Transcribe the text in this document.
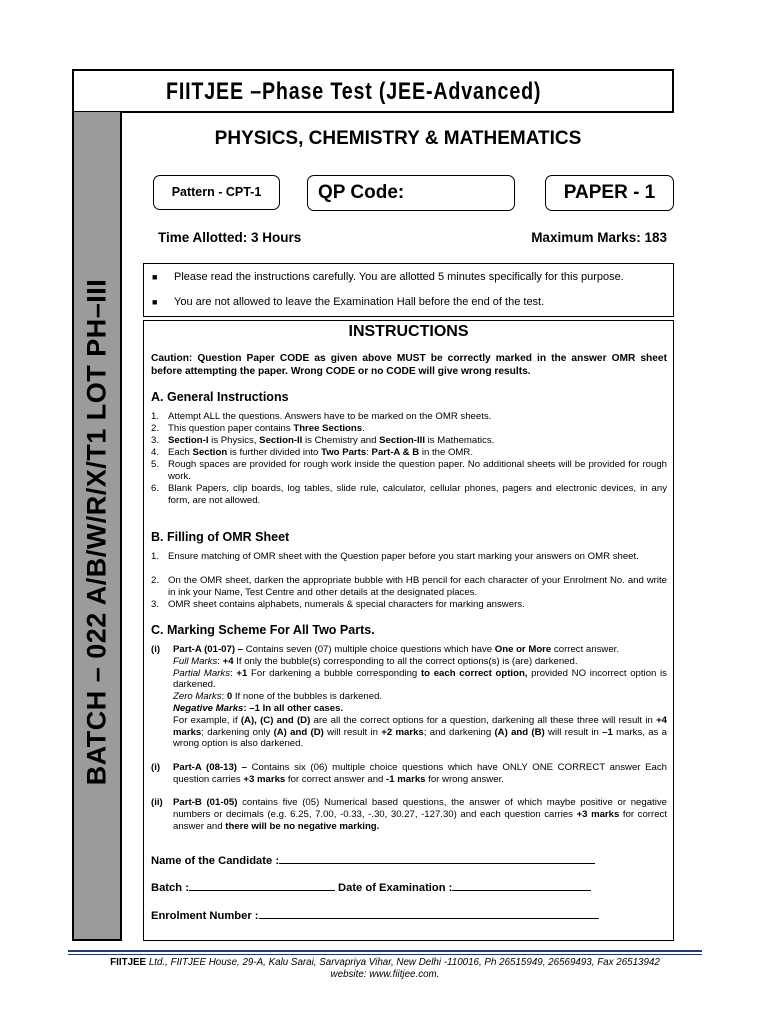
FIITJEE –Phase Test (JEE-Advanced)
BATCH – 022 A/B/W/R/X/T1 LOT PH–III
PHYSICS, CHEMISTRY & MATHEMATICS
Pattern - CPT-1	QP Code:	PAPER - 1
Time Allotted: 3 Hours	Maximum Marks: 183
■ Please read the instructions carefully. You are allotted 5 minutes specifically for this purpose.
■ You are not allowed to leave the Examination Hall before the end of the test.
INSTRUCTIONS
Caution: Question Paper CODE as given above MUST be correctly marked in the answer OMR sheet before attempting the paper. Wrong CODE or no CODE will give wrong results.
A. General Instructions
1. Attempt ALL the questions. Answers have to be marked on the OMR sheets.
2. This question paper contains Three Sections.
3. Section-I is Physics, Section-II is Chemistry and Section-III is Mathematics.
4. Each Section is further divided into Two Parts: Part-A & B in the OMR.
5. Rough spaces are provided for rough work inside the question paper. No additional sheets will be provided for rough work.
6. Blank Papers, clip boards, log tables, slide rule, calculator, cellular phones, pagers and electronic devices, in any form, are not allowed.
B. Filling of OMR Sheet
1. Ensure matching of OMR sheet with the Question paper before you start marking your answers on OMR sheet.
2. On the OMR sheet, darken the appropriate bubble with HB pencil for each character of your Enrolment No. and write in ink your Name, Test Centre and other details at the designated places.
3. OMR sheet contains alphabets, numerals & special characters for marking answers.
C. Marking Scheme For All Two Parts.
(i) Part-A (01-07) – Contains seven (07) multiple choice questions which have One or More correct answer.
Full Marks: +4 If only the bubble(s) corresponding to all the correct options(s) is (are) darkened.
Partial Marks: +1 For darkening a bubble corresponding to each correct option, provided NO incorrect option is darkened.
Zero Marks: 0 If none of the bubbles is darkened.
Negative Marks: –1 In all other cases.
For example, if (A), (C) and (D) are all the correct options for a question, darkening all these three will result in +4 marks; darkening only (A) and (D) will result in +2 marks; and darkening (A) and (B) will result in –1 marks, as a wrong option is also darkened.
(i) Part-A (08-13) – Contains six (06) multiple choice questions which have ONLY ONE CORRECT answer Each question carries +3 marks for correct answer and -1 marks for wrong answer.
(ii) Part-B (01-05) contains five (05) Numerical based questions, the answer of which maybe positive or negative numbers or decimals (e.g. 6.25, 7.00, -0.33, -.30, 30.27, -127.30) and each question carries +3 marks for correct answer and there will be no negative marking.
Name of the Candidate :
Batch :	Date of Examination :
Enrolment Number :
FIITJEE Ltd., FIITJEE House, 29-A, Kalu Sarai, Sarvapriya Vihar, New Delhi -110016, Ph 26515949, 26569493, Fax 26513942
website: www.fiitjee.com.
